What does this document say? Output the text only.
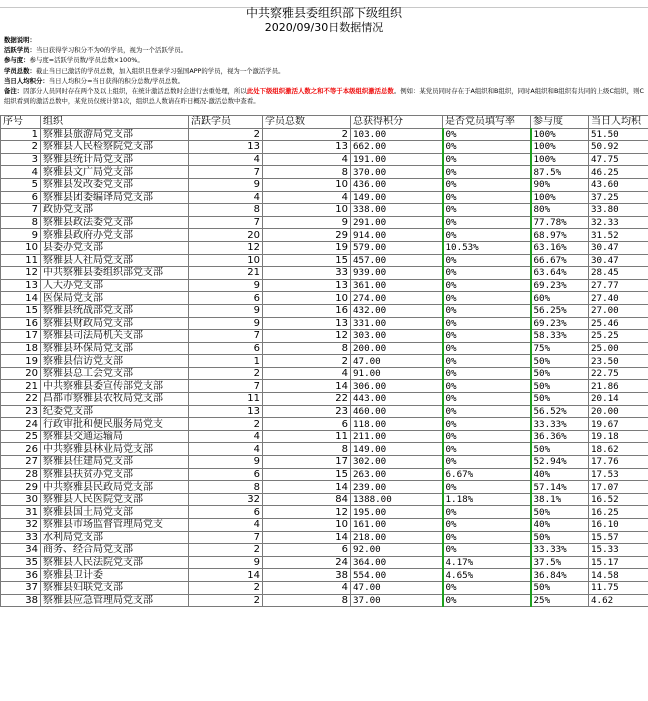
中共察雅县委组织部下级组织
2020/09/30日数据情况
数据说明：
活跃学员：当日获得学习积分不为0的学员，视为一个活跃学员。
参与度：参与度=活跃学员数/学员总数×100%。
学员总数：截止当日已激活的学员总数，加入组织且登录学习强国APP的学员，视为一个激活学员。
当日人均积分：当日人均积分=当日获得的积分总数/学员总数。
备注：因部分人员同时存在两个及以上组织，在统计激活总数时会进行去重处理，所以此处下级组织激活人数之和不等于本级组织激活总数。例如：某党员同时存在于A组织和B组织，同时A组织和B组织有共同的上级C组织，则C组织看到的激活总数中，某党员仅统计第1次，组织总人数请在昨日概况-激活总数中查看。
序号	组织	活跃学员	学员总数	总获得积分	是否党员填写率	参与度	当日人均积
1	察雅县旅游局党支部	2	2	103.00	0%	100%	51.50
2	察雅县人民检察院党支部	13	13	662.00	0%	100%	50.92
3	察雅县统计局党支部	4	4	191.00	0%	100%	47.75
4	察雅县文广局党支部	7	8	370.00	0%	87.5%	46.25
5	察雅县发改委党支部	9	10	436.00	0%	90%	43.60
6	察雅县团委编译局党支部	4	4	149.00	0%	100%	37.25
7	政协党支部	8	10	338.00	0%	80%	33.80
8	察雅县政法委党支部	7	9	291.00	0%	77.78%	32.33
9	察雅县政府办党支部	20	29	914.00	0%	68.97%	31.52
10	县委办党支部	12	19	579.00	10.53%	63.16%	30.47
11	察雅县人社局党支部	10	15	457.00	0%	66.67%	30.47
12	中共察雅县委组织部党支部	21	33	939.00	0%	63.64%	28.45
13	人大办党支部	9	13	361.00	0%	69.23%	27.77
14	医保局党支部	6	10	274.00	0%	60%	27.40
15	察雅县统战部党支部	9	16	432.00	0%	56.25%	27.00
16	察雅县财政局党支部	9	13	331.00	0%	69.23%	25.46
17	察雅县司法局机关支部	7	12	303.00	0%	58.33%	25.25
18	察雅县环保局党支部	6	8	200.00	0%	75%	25.00
19	察雅县信访党支部	1	2	47.00	0%	50%	23.50
20	察雅县总工会党支部	2	4	91.00	0%	50%	22.75
21	中共察雅县委宣传部党支部	7	14	306.00	0%	50%	21.86
22	昌都市察雅县农牧局党支部	11	22	443.00	0%	50%	20.14
23	纪委党支部	13	23	460.00	0%	56.52%	20.00
24	行政审批和便民服务局党支	2	6	118.00	0%	33.33%	19.67
25	察雅县交通运输局	4	11	211.00	0%	36.36%	19.18
26	中共察雅县林业局党支部	4	8	149.00	0%	50%	18.62
27	察雅县住建局党支部	9	17	302.00	0%	52.94%	17.76
28	察雅县扶贫办党支部	6	15	263.00	6.67%	40%	17.53
29	中共察雅县民政局党支部	8	14	239.00	0%	57.14%	17.07
30	察雅县人民医院党支部	32	84	1388.00	1.18%	38.1%	16.52
31	察雅县国土局党支部	6	12	195.00	0%	50%	16.25
32	察雅县市场监督管理局党支	4	10	161.00	0%	40%	16.10
33	水利局党支部	7	14	218.00	0%	50%	15.57
34	商务、经合局党支部	2	6	92.00	0%	33.33%	15.33
35	察雅县人民法院党支部	9	24	364.00	4.17%	37.5%	15.17
36	察雅县卫计委	14	38	554.00	4.65%	36.84%	14.58
37	察雅县妇联党支部	2	4	47.00	0%	50%	11.75
38	察雅县应急管理局党支部	2	8	37.00	0%	25%	4.62
